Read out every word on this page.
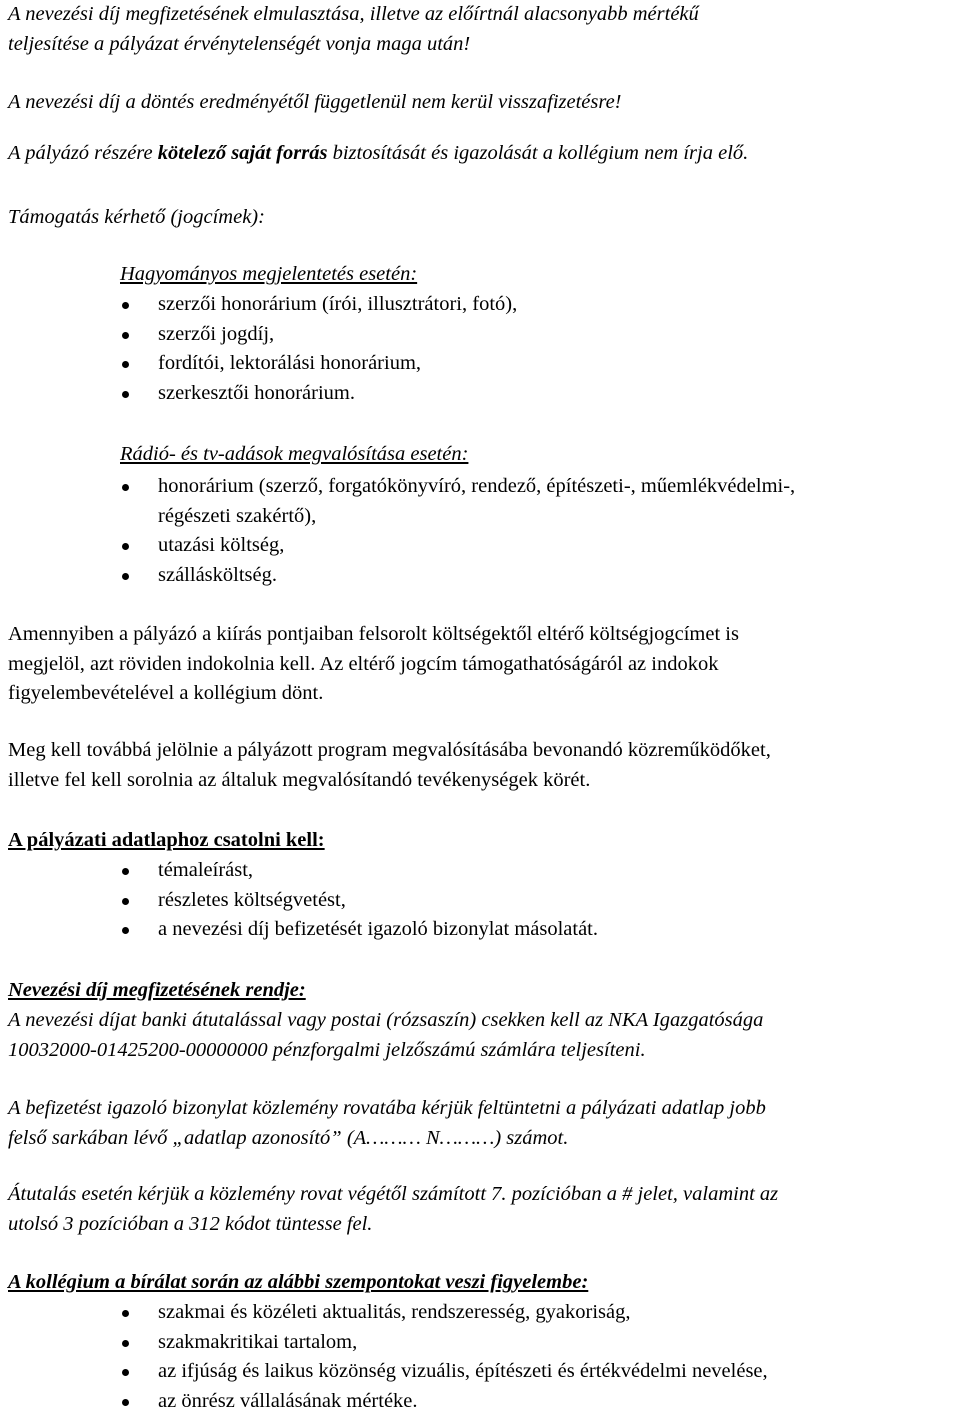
A nevezési díj megfizetésének elmulasztása, illetve az előírtnál alacsonyabb mértékű
teljesítése a pályázat érvénytelenségét vonja maga után!

A nevezési díj a döntés eredményétől függetlenül nem kerül visszafizetésre!

A pályázó részére kötelező saját forrás biztosítását és igazolását a kollégium nem írja elő.

Támogatás kérhető (jogcímek):

Hagyományos megjelentetés esetén:

szerzői honorárium (írói, illusztrátori, fotó),
szerzői jogdíj,
fordítói, lektorálási honorárium,
szerkesztői honorárium.

Rádió- és tv-adások megvalósítása esetén:

honorárium (szerző, forgatókönyvíró, rendező, építészeti-, műemlékvédelmi-,
régészeti szakértő),
utazási költség,
szállásköltség.

Amennyiben a pályázó a kiírás pontjaiban felsorolt költségektől eltérő költségjogcímet is
megjelöl, azt röviden indokolnia kell. Az eltérő jogcím támogathatóságáról az indokok
figyelembevételével a kollégium dönt.

Meg kell továbbá jelölnie a pályázott program megvalósításába bevonandó közreműködőket,
illetve fel kell sorolnia az általuk megvalósítandó tevékenységek körét.

A pályázati adatlaphoz csatolni kell:

témaleírást,
részletes költségvetést,
a nevezési díj befizetését igazoló bizonylat másolatát.

Nevezési díj megfizetésének rendje:

A nevezési díjat banki átutalással vagy postai (rózsaszín) csekken kell az NKA Igazgatósága
10032000-01425200-00000000 pénzforgalmi jelzőszámú számlára teljesíteni.

A befizetést igazoló bizonylat közlemény rovatába kérjük feltüntetni a pályázati adatlap jobb
felső sarkában lévő „adatlap azonosító” (A……… N………) számot.

Átutalás esetén kérjük a közlemény rovat végétől számított 7. pozícióban a # jelet, valamint az
utolsó 3 pozícióban a 312 kódot tüntesse fel.

A kollégium a bírálat során az alábbi szempontokat veszi figyelembe:

szakmai és közéleti aktualitás, rendszeresség, gyakoriság,
szakmakritikai tartalom,
az ifjúság és laikus közönség vizuális, építészeti és értékvédelmi nevelése,
az önrész vállalásának mértéke.
